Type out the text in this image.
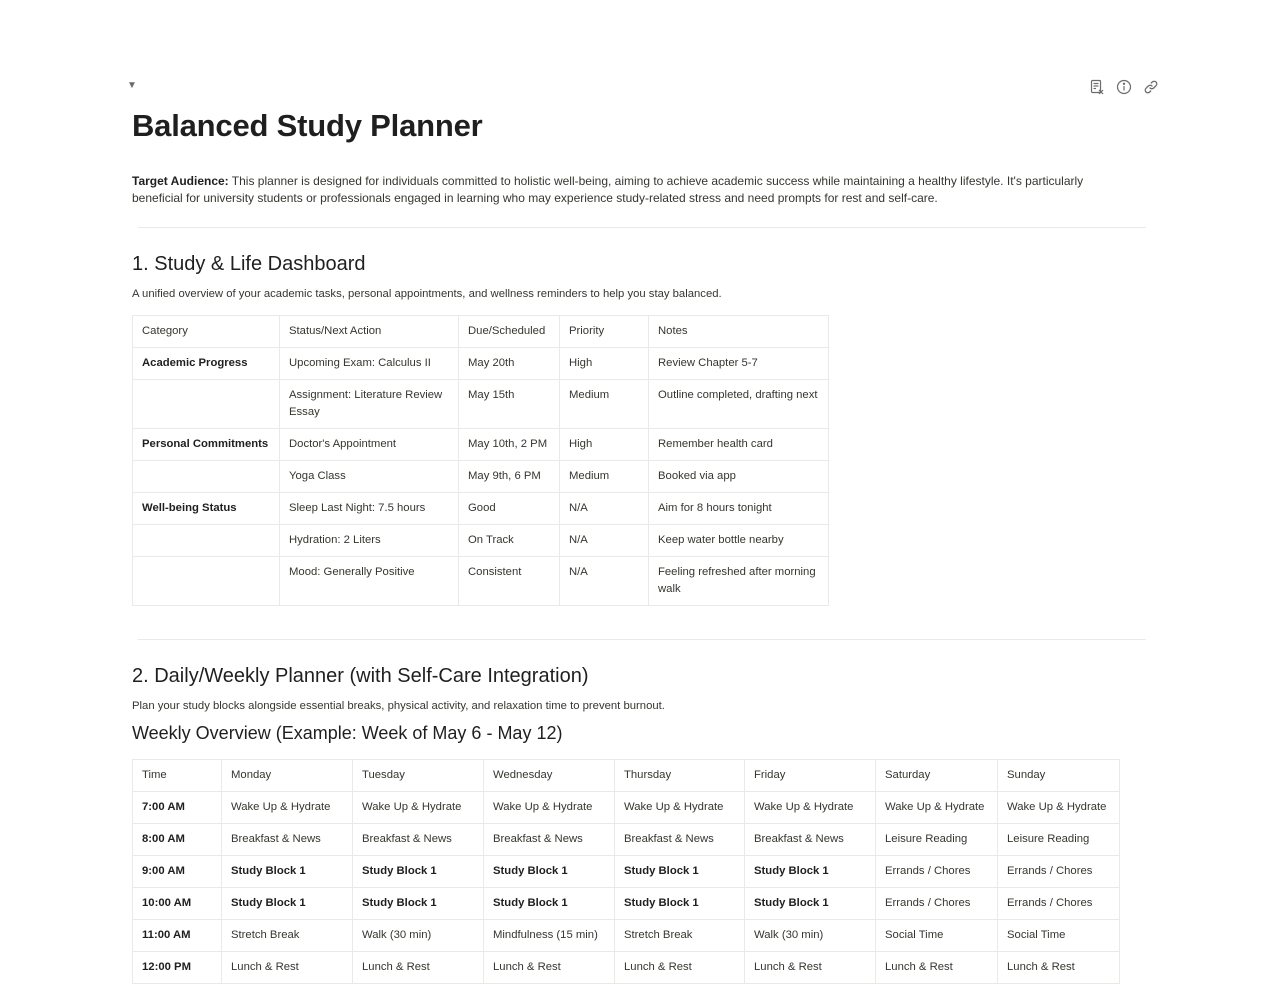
▼
Balanced Study Planner
Target Audience: This planner is designed for individuals committed to holistic well-being, aiming to achieve academic success while maintaining a healthy lifestyle. It's particularly beneficial for university students or professionals engaged in learning who may experience study-related stress and need prompts for rest and self-care.
1. Study & Life Dashboard
A unified overview of your academic tasks, personal appointments, and wellness reminders to help you stay balanced.
Category	Status/Next Action	Due/Scheduled	Priority	Notes
Academic Progress	Upcoming Exam: Calculus II	May 20th	High	Review Chapter 5-7
	Assignment: Literature Review Essay	May 15th	Medium	Outline completed, drafting next
Personal Commitments	Doctor's Appointment	May 10th, 2 PM	High	Remember health card
	Yoga Class	May 9th, 6 PM	Medium	Booked via app
Well-being Status	Sleep Last Night: 7.5 hours	Good	N/A	Aim for 8 hours tonight
	Hydration: 2 Liters	On Track	N/A	Keep water bottle nearby
	Mood: Generally Positive	Consistent	N/A	Feeling refreshed after morning walk
2. Daily/Weekly Planner (with Self-Care Integration)
Plan your study blocks alongside essential breaks, physical activity, and relaxation time to prevent burnout.
Weekly Overview (Example: Week of May 6 - May 12)
Time	Monday	Tuesday	Wednesday	Thursday	Friday	Saturday	Sunday
7:00 AM	Wake Up & Hydrate	Wake Up & Hydrate	Wake Up & Hydrate	Wake Up & Hydrate	Wake Up & Hydrate	Wake Up & Hydrate	Wake Up & Hydrate
8:00 AM	Breakfast & News	Breakfast & News	Breakfast & News	Breakfast & News	Breakfast & News	Leisure Reading	Leisure Reading
9:00 AM	Study Block 1	Study Block 1	Study Block 1	Study Block 1	Study Block 1	Errands / Chores	Errands / Chores
10:00 AM	Study Block 1	Study Block 1	Study Block 1	Study Block 1	Study Block 1	Errands / Chores	Errands / Chores
11:00 AM	Stretch Break	Walk (30 min)	Mindfulness (15 min)	Stretch Break	Walk (30 min)	Social Time	Social Time
12:00 PM	Lunch & Rest	Lunch & Rest	Lunch & Rest	Lunch & Rest	Lunch & Rest	Lunch & Rest	Lunch & Rest
